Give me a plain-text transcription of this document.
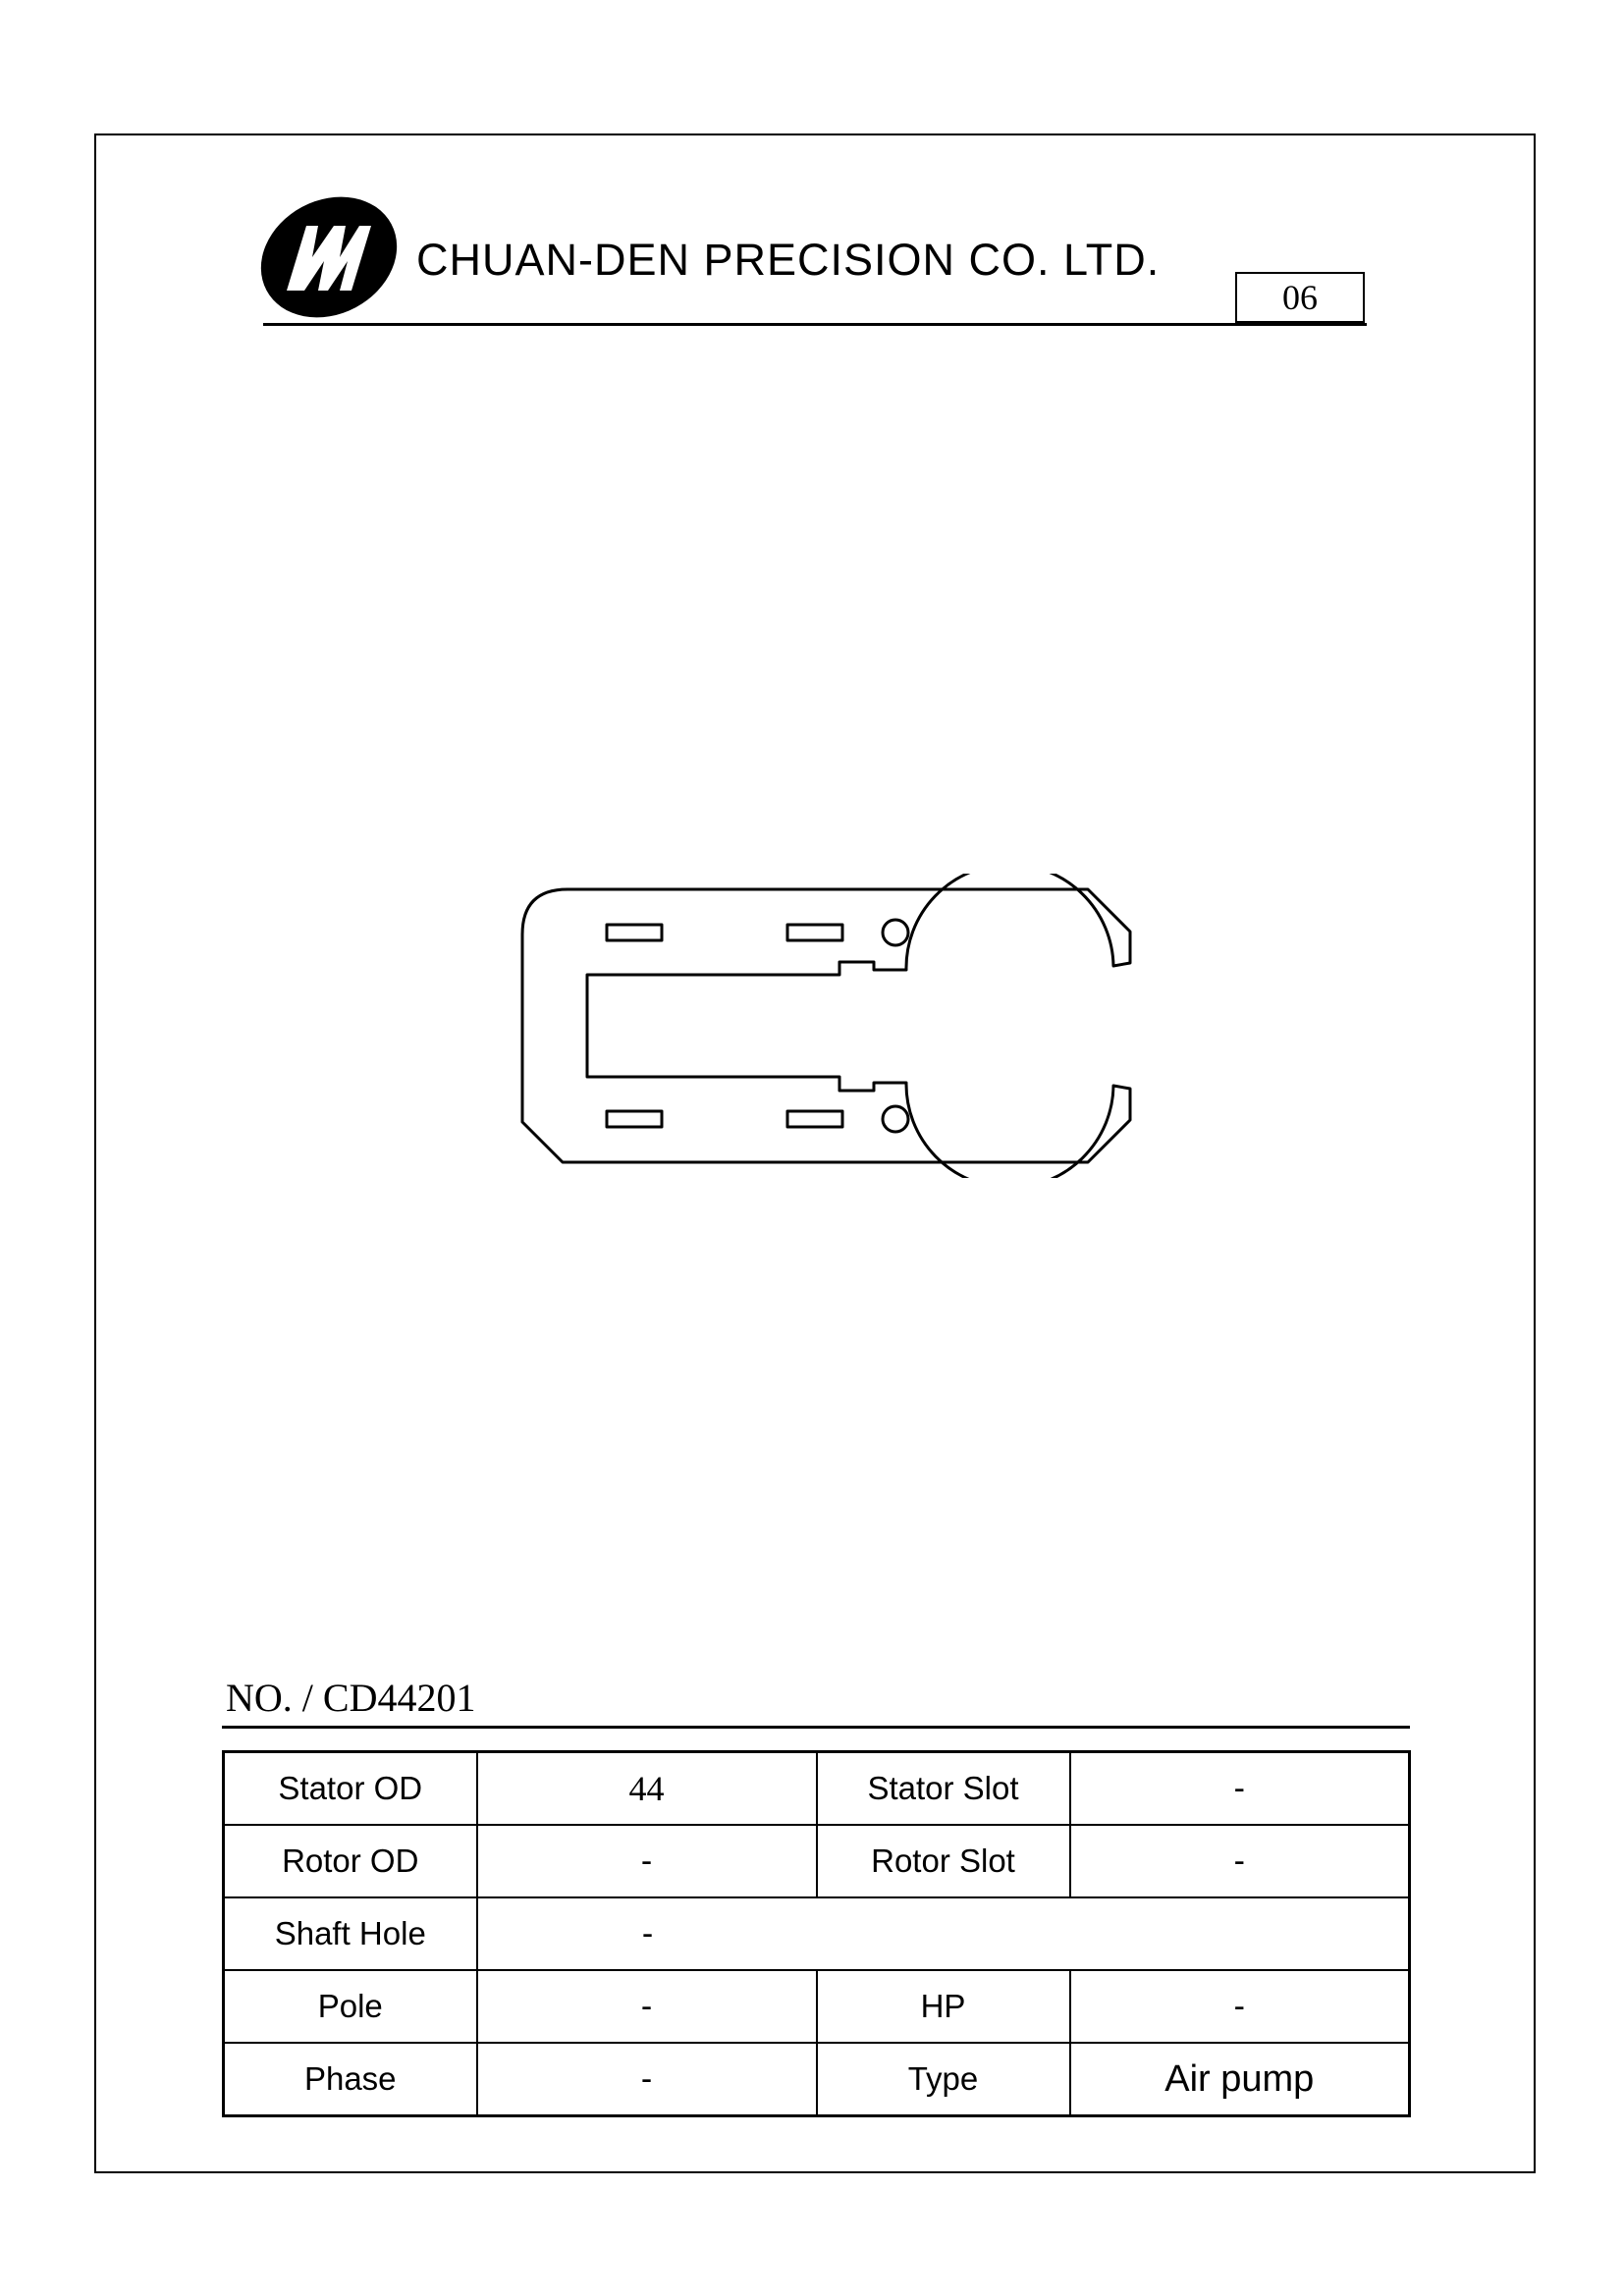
CHUAN-DEN PRECISION CO. LTD.
06
NO. / CD44201
Stator OD	44	Stator Slot	-
Rotor OD	-	Rotor Slot	-
Shaft Hole	-		
Pole	-	HP	-
Phase	-	Type	Air pump
